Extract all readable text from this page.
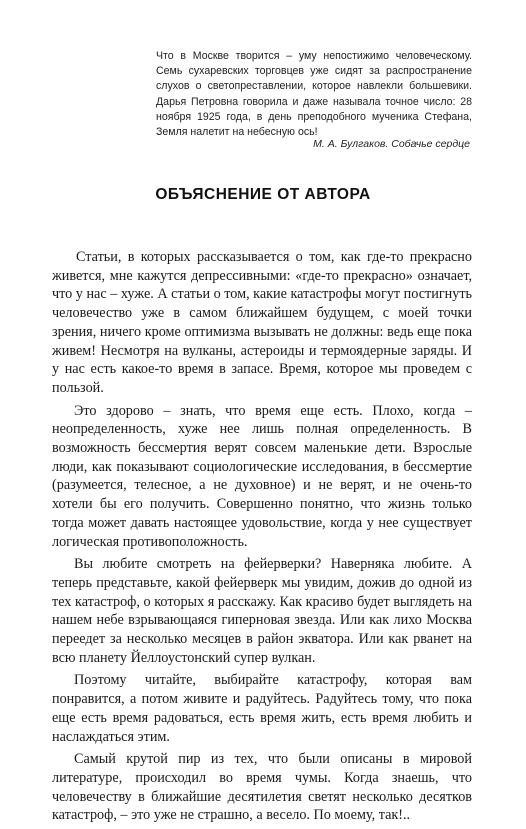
Что в Москве творится – уму непостижимо человеческому. Семь сухаревских торговцев уже сидят за распространение слухов о светопреставлении, которое навлекли большевики. Дарья Петровна говорила и даже называла точное число: 28 ноября 1925 года, в день преподобного мученика Стефана, Земля налетит на небесную ось!
М. А. Булгаков. Собачье сердце
ОБЪЯСНЕНИЕ ОТ АВТОРА

Статьи, в которых рассказывается о том, как где-то прекрасно живется, мне кажутся депрессивными: «где-то прекрасно» означает, что у нас – хуже. А статьи о том, какие катастрофы могут постигнуть человечество уже в самом ближайшем будущем, с моей точки зрения, ничего кроме оптимизма вызывать не должны: ведь еще пока живем! Несмотря на вулканы, астероиды и термоядерные заряды. И у нас есть какое-то время в запасе. Время, которое мы проведем с пользой.

Это здорово – знать, что время еще есть. Плохо, когда – неопределенность, хуже нее лишь полная определенность. В возможность бессмертия верят совсем маленькие дети. Взрослые люди, как показывают социологические исследования, в бессмертие (разумеется, телесное, а не духовное) и не верят, и не очень-то хотели бы его получить. Совершенно понятно, что жизнь только тогда может давать настоящее удовольствие, когда у нее существует логическая противоположность.

Вы любите смотреть на фейерверки? Наверняка любите. А теперь представьте, какой фейерверк мы увидим, дожив до одной из тех катастроф, о которых я расскажу. Как красиво будет выглядеть на нашем небе взрывающаяся гиперновая звезда. Или как лихо Москва переедет за несколько месяцев в район экватора. Или как рванет на всю планету Йеллоустонский супер вулкан.

Поэтому читайте, выбирайте катастрофу, которая вам понравится, а потом живите и радуйтесь. Радуйтесь тому, что пока еще есть время радоваться, есть время жить, есть время любить и наслаждаться этим.

Самый крутой пир из тех, что были описаны в мировой литературе, происходил во время чумы. Когда знаешь, что человечеству в ближайшие десятилетия светят несколько десятков катастроф, – это уже не страшно, а весело. По моему, так!..
